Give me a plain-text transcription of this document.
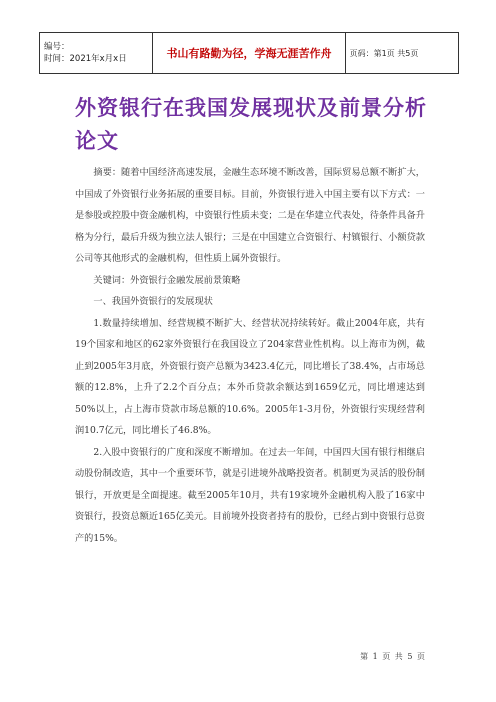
编号：
时间：2021年x月x日	书山有路勤为径，学海无涯苦作舟	页码：第1页 共5页
外资银行在我国发展现状及前景分析论文

摘要：随着中国经济高速发展，金融生态环境不断改善，国际贸易总额不断扩大，中国成了外资银行业务拓展的重要目标。目前，外资银行进入中国主要有以下方式：一是参股或控股中资金融机构，中资银行性质未变；二是在华建立代表处，待条件具备升格为分行，最后升级为独立法人银行；三是在中国建立合资银行、村镇银行、小额贷款公司等其他形式的金融机构，但性质上属外资银行。

关键词：外资银行金融发展前景策略

一、我国外资银行的发展现状

1.数量持续增加、经营规模不断扩大、经营状况持续转好。截止2004年底，共有19个国家和地区的62家外资银行在我国设立了204家营业性机构。以上海市为例，截止到2005年3月底，外资银行资产总额为3423.4亿元，同比增长了38.4%，占市场总额的12.8%，上升了2.2个百分点；本外币贷款余额达到1659亿元，同比增速达到50%以上，占上海市贷款市场总额的10.6%。2005年1-3月份，外资银行实现经营利润10.7亿元，同比增长了46.8%。

2.入股中资银行的广度和深度不断增加。在过去一年间，中国四大国有银行相继启动股份制改造，其中一个重要环节，就是引进境外战略投资者。机制更为灵活的股份制银行，开放更是全面提速。截至2005年10月，共有19家境外金融机构入股了16家中资银行，投资总额近165亿美元。目前境外投资者持有的股份，已经占到中资银行总资产的15%。

第 1 页 共 5 页
